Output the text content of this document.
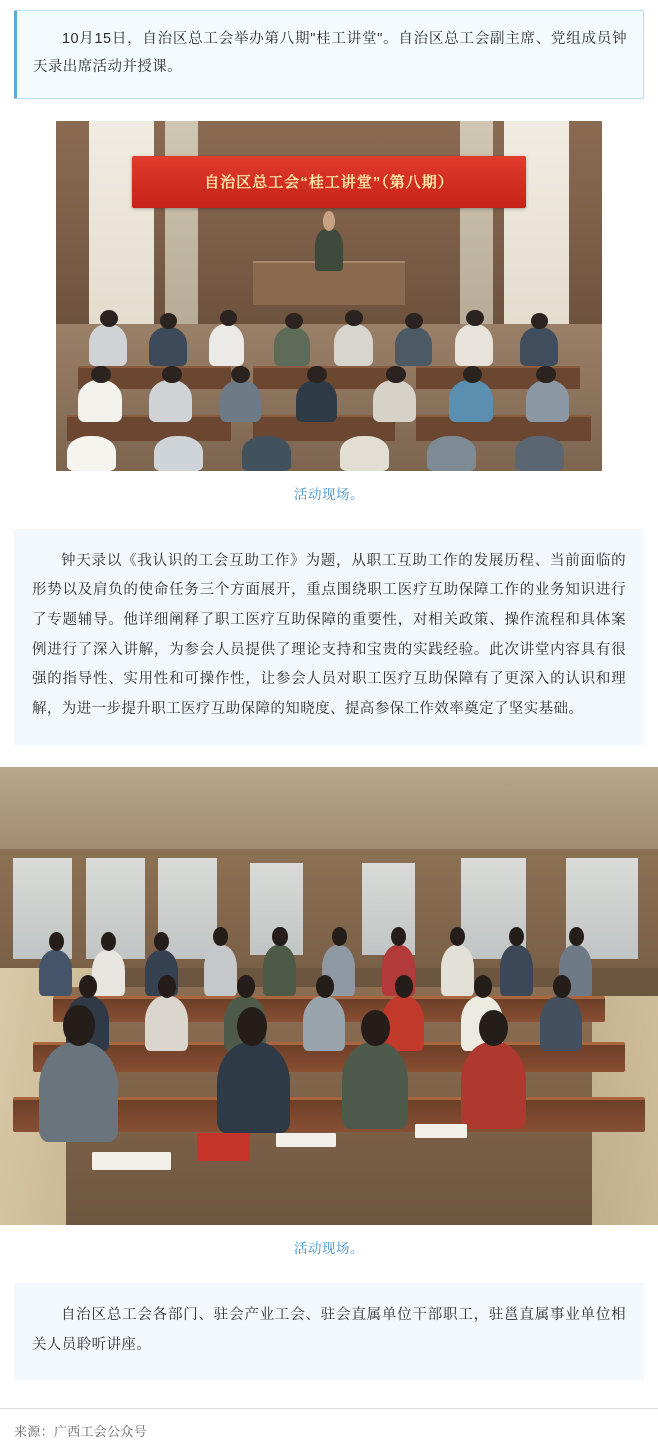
10月15日，自治区总工会举办第八期"桂工讲堂"。自治区总工会副主席、党组成员钟天录出席活动并授课。
自治区总工会“桂工讲堂”（第八期）
活动现场。
钟天录以《我认识的工会互助工作》为题，从职工互助工作的发展历程、当前面临的形势以及肩负的使命任务三个方面展开，重点围绕职工医疗互助保障工作的业务知识进行了专题辅导。他详细阐释了职工医疗互助保障的重要性，对相关政策、操作流程和具体案例进行了深入讲解，为参会人员提供了理论支持和宝贵的实践经验。此次讲堂内容具有很强的指导性、实用性和可操作性，让参会人员对职工医疗互助保障有了更深入的认识和理解，为进一步提升职工医疗互助保障的知晓度、提高参保工作效率奠定了坚实基础。
活动现场。
自治区总工会各部门、驻会产业工会、驻会直属单位干部职工，驻邕直属事业单位相关人员聆听讲座。
来源：广西工会公众号
